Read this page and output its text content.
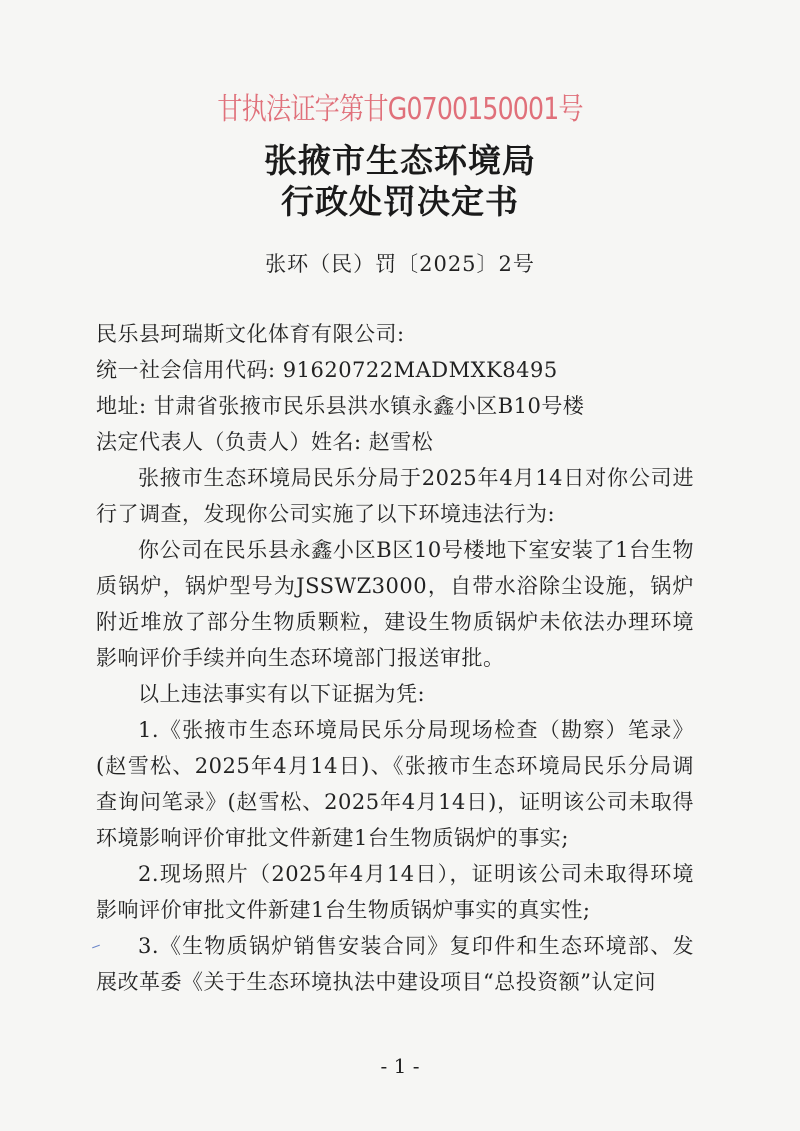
甘执法证字第甘G0700150001号
张掖市生态环境局
行政处罚决定书
张环（民）罚〔2025〕2号

民乐县珂瑞斯文化体育有限公司:

统一社会信用代码: 91620722MADMXK8495

地址: 甘肃省张掖市民乐县洪水镇永鑫小区B10号楼

法定代表人（负责人）姓名: 赵雪松

张掖市生态环境局民乐分局于2025年4月14日对你公司进行了调查，发现你公司实施了以下环境违法行为:

你公司在民乐县永鑫小区B区10号楼地下室安装了1台生物质锅炉，锅炉型号为JSSWZ3000，自带水浴除尘设施，锅炉附近堆放了部分生物质颗粒，建设生物质锅炉未依法办理环境影响评价手续并向生态环境部门报送审批。

以上违法事实有以下证据为凭:

1.《张掖市生态环境局民乐分局现场检查（勘察）笔录》(赵雪松、2025年4月14日)、《张掖市生态环境局民乐分局调查询问笔录》(赵雪松、2025年4月14日)，证明该公司未取得环境影响评价审批文件新建1台生物质锅炉的事实;

2.现场照片（2025年4月14日），证明该公司未取得环境影响评价审批文件新建1台生物质锅炉事实的真实性;

3.《生物质锅炉销售安装合同》复印件和生态环境部、发展改革委《关于生态环境执法中建设项目“总投资额”认定问

- 1 -
